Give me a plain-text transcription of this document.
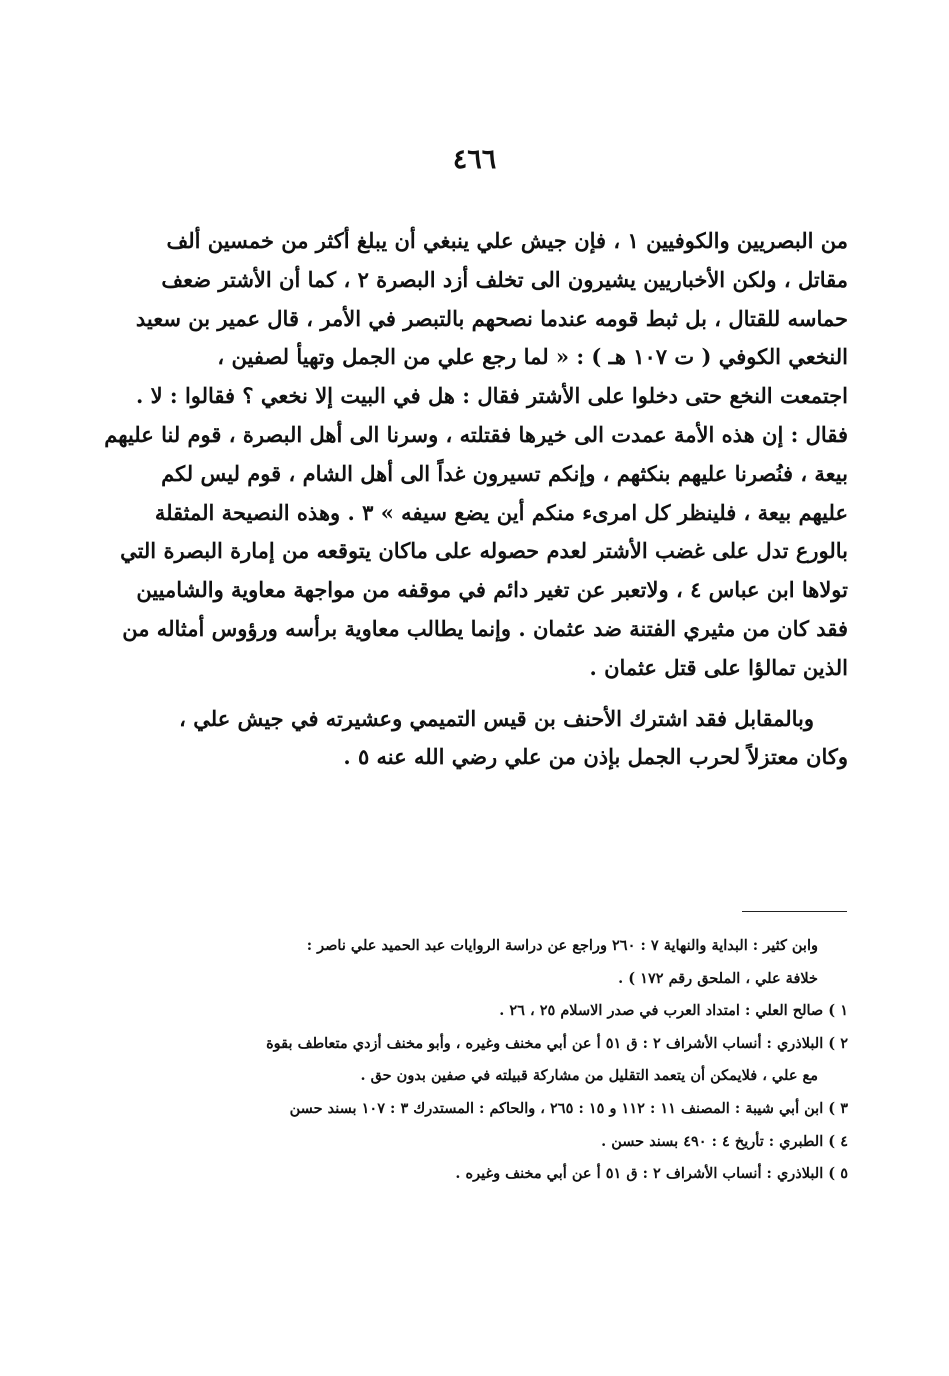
٤٦٦
من البصريين والكوفيين ١ ، فإن جيش علي ينبغي أن يبلغ أكثر من خمسين ألف
مقاتل ، ولكن الأخباريين يشيرون الى تخلف أزد البصرة ٢ ، كما أن الأشتر ضعف
حماسه للقتال ، بل ثبط قومه عندما نصحهم بالتبصر في الأمر ، قال عمير بن سعيد
النخعي الكوفي ( ت ١٠٧ هـ ) : « لما رجع علي من الجمل وتهيأ لصفين ،
اجتمعت النخع حتى دخلوا على الأشتر فقال : هل في البيت إلا نخعي ؟ فقالوا : لا .
فقال : إن هذه الأمة عمدت الى خيرها فقتلته ، وسرنا الى أهل البصرة ، قوم لنا عليهم
بيعة ، فنُصرنا عليهم بنكثهم ، وإنكم تسيرون غداً الى أهل الشام ، قوم ليس لكم
عليهم بيعة ، فلينظر كل امرىء منكم أين يضع سيفه » ٣ . وهذه النصيحة المثقلة
بالورع تدل على غضب الأشتر لعدم حصوله على ماكان يتوقعه من إمارة البصرة التي
تولاها ابن عباس ٤ ، ولاتعبر عن تغير دائم في موقفه من مواجهة معاوية والشاميين
فقد كان من مثيري الفتنة ضد عثمان . وإنما يطالب معاوية برأسه ورؤوس أمثاله من
الذين تمالؤا على قتل عثمان .
وبالمقابل فقد اشترك الأحنف بن قيس التميمي وعشيرته في جيش علي ،
وكان معتزلاً لحرب الجمل بإذن من علي رضي الله عنه ٥ .
وابن كثير : البداية والنهاية ٧ : ٢٦٠ وراجع عن دراسة الروايات عبد الحميد علي ناصر :
خلافة علي ، الملحق رقم ١٧٢ ) .
١ ) صالح العلي : امتداد العرب في صدر الاسلام ٢٥ ، ٢٦ .
٢ ) البلاذري : أنساب الأشراف ٢ : ق ٥١ أ عن أبي مخنف وغيره ، وأبو مخنف أزدي متعاطف بقوة
مع علي ، فلايمكن أن يتعمد التقليل من مشاركة قبيلته في صفين بدون حق .
٣ ) ابن أبي شيبة : المصنف ١١ : ١١٢ و ١٥ : ٢٦٥ ، والحاكم : المستدرك ٣ : ١٠٧ بسند حسن
٤ ) الطبري : تأريخ ٤ : ٤٩٠ بسند حسن .
٥ ) البلاذري : أنساب الأشراف ٢ : ق ٥١ أ عن أبي مخنف وغيره .
